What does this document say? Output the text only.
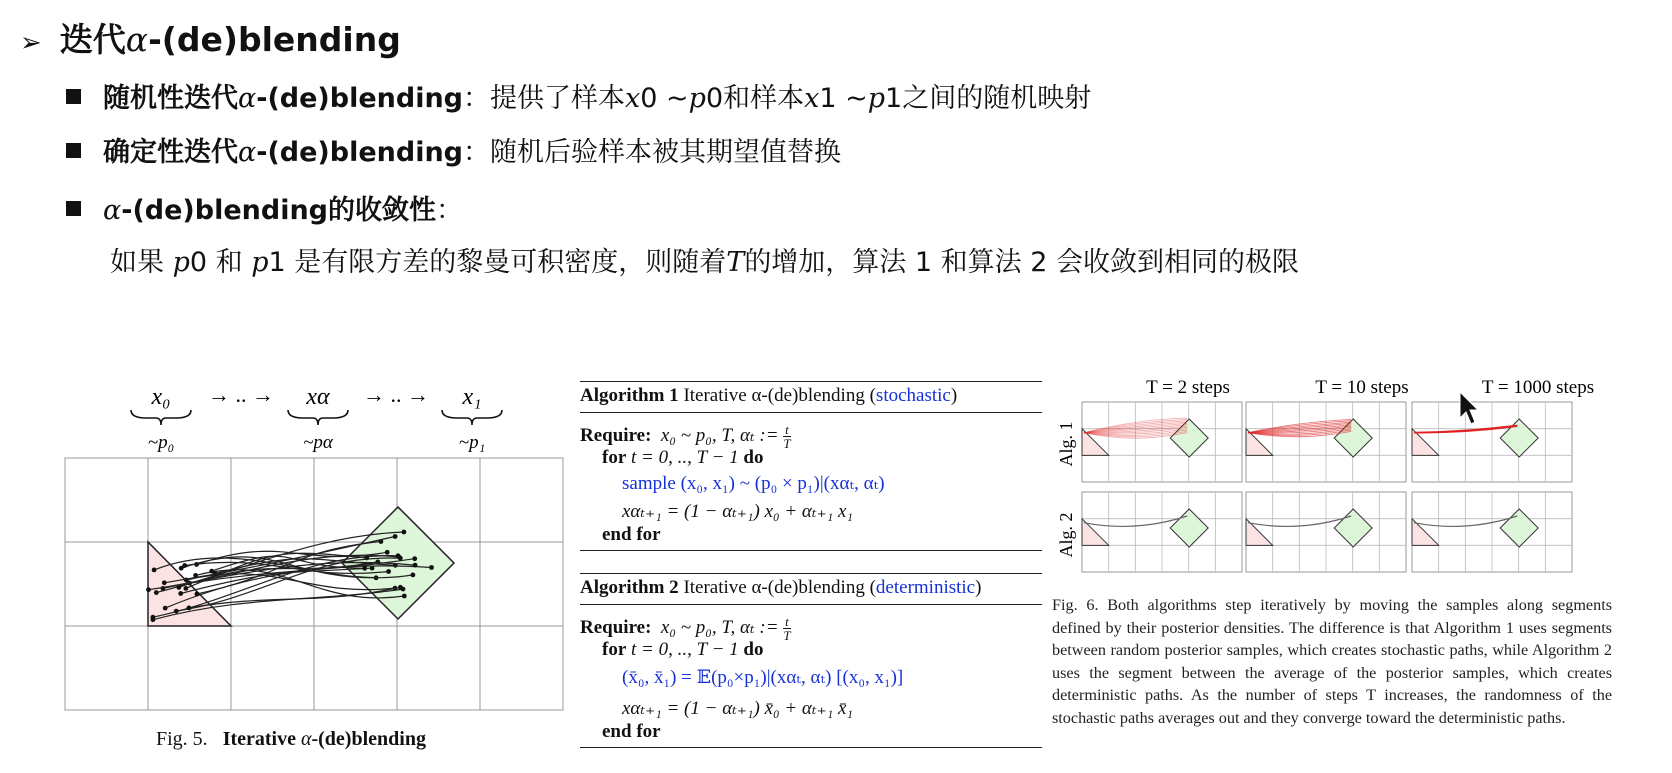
➢ 迭代α-(de)blending
随机性迭代α-(de)blending：提供了样本x0 ~p0和样本x1 ~p1之间的随机映射
确定性迭代α-(de)blending：随机后验样本被其期望值替换
α-(de)blending的收敛性：
如果 p0 和 p1 是有限方差的黎曼可积密度，则随着T的增加，算法 1 和算法 2 会收敛到相同的极限
x₀ → .. → xα → .. → x₁
~p₀	~pα	~p₁
Fig. 5. Iterative α-(de)blending
Algorithm 1 Iterative α-(de)blending (stochastic)
Require: x₀ ~ p₀, T, αₜ := $\frac{t}{T}$
for t = 0, .., T − 1 do
sample (x₀, x₁) ~ (p₀ × p₁)|(xαₜ, αₜ)
xαₜ₊₁ = (1 − αₜ₊₁) x₀ + αₜ₊₁ x₁
end for
Algorithm 2 Iterative α-(de)blending (deterministic)
Require: x₀ ~ p₀, T, αₜ := $\frac{t}{T}$
for t = 0, .., T − 1 do
(x̄₀, x̄₁) = 𝔼(p₀×p₁)|(xαₜ, αₜ) [(x₀, x₁)]
xαₜ₊₁ = (1 − αₜ₊₁) x̄₀ + αₜ₊₁ x̄₁
end for
T = 2 steps	T = 10 steps	T = 1000 steps
Alg. 1
Alg. 2
Fig. 6. Both algorithms step iteratively by moving the samples along segments defined by their posterior densities. The difference is that Algorithm 1 uses segments between random posterior samples, which creates stochastic paths, while Algorithm 2 uses the segment between the average of the posterior samples, which creates deterministic paths. As the number of steps T increases, the randomness of the stochastic paths averages out and they converge toward the deterministic paths.
